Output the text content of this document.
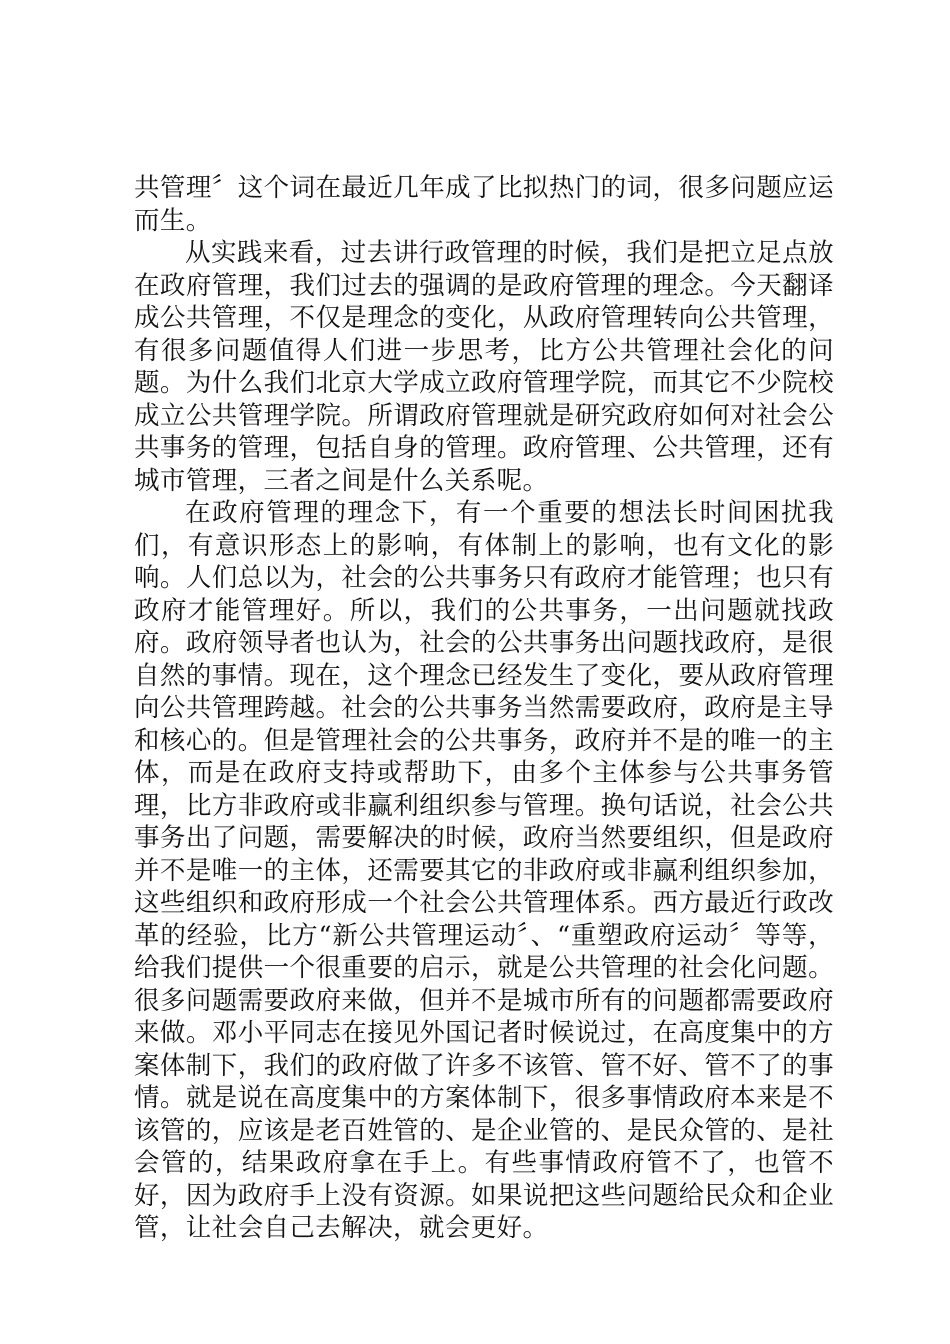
共管理〞这个词在最近几年成了比拟热门的词，很多问题应运而生。

从实践来看，过去讲行政管理的时候，我们是把立足点放在政府管理，我们过去的强调的是政府管理的理念。今天翻译成公共管理，不仅是理念的变化，从政府管理转向公共管理，有很多问题值得人们进一步思考，比方公共管理社会化的问题。为什么我们北京大学成立政府管理学院，而其它不少院校成立公共管理学院。所谓政府管理就是研究政府如何对社会公共事务的管理，包括自身的管理。政府管理、公共管理，还有城市管理，三者之间是什么关系呢。

在政府管理的理念下，有一个重要的想法长时间困扰我们，有意识形态上的影响，有体制上的影响，也有文化的影响。人们总以为，社会的公共事务只有政府才能管理；也只有政府才能管理好。所以，我们的公共事务，一出问题就找政府。政府领导者也认为，社会的公共事务出问题找政府，是很自然的事情。现在，这个理念已经发生了变化，要从政府管理向公共管理跨越。社会的公共事务当然需要政府，政府是主导和核心的。但是管理社会的公共事务，政府并不是的唯一的主体，而是在政府支持或帮助下，由多个主体参与公共事务管理，比方非政府或非赢利组织参与管理。换句话说，社会公共事务出了问题，需要解决的时候，政府当然要组织，但是政府并不是唯一的主体，还需要其它的非政府或非赢利组织参加，这些组织和政府形成一个社会公共管理体系。西方最近行政改革的经验，比方“新公共管理运动〞、“重塑政府运动〞等等，给我们提供一个很重要的启示，就是公共管理的社会化问题。很多问题需要政府来做，但并不是城市所有的问题都需要政府来做。邓小平同志在接见外国记者时候说过，在高度集中的方案体制下，我们的政府做了许多不该管、管不好、管不了的事情。就是说在高度集中的方案体制下，很多事情政府本来是不该管的，应该是老百姓管的、是企业管的、是民众管的、是社会管的，结果政府拿在手上。有些事情政府管不了，也管不好，因为政府手上没有资源。如果说把这些问题给民众和企业管，让社会自己去解决，就会更好。
